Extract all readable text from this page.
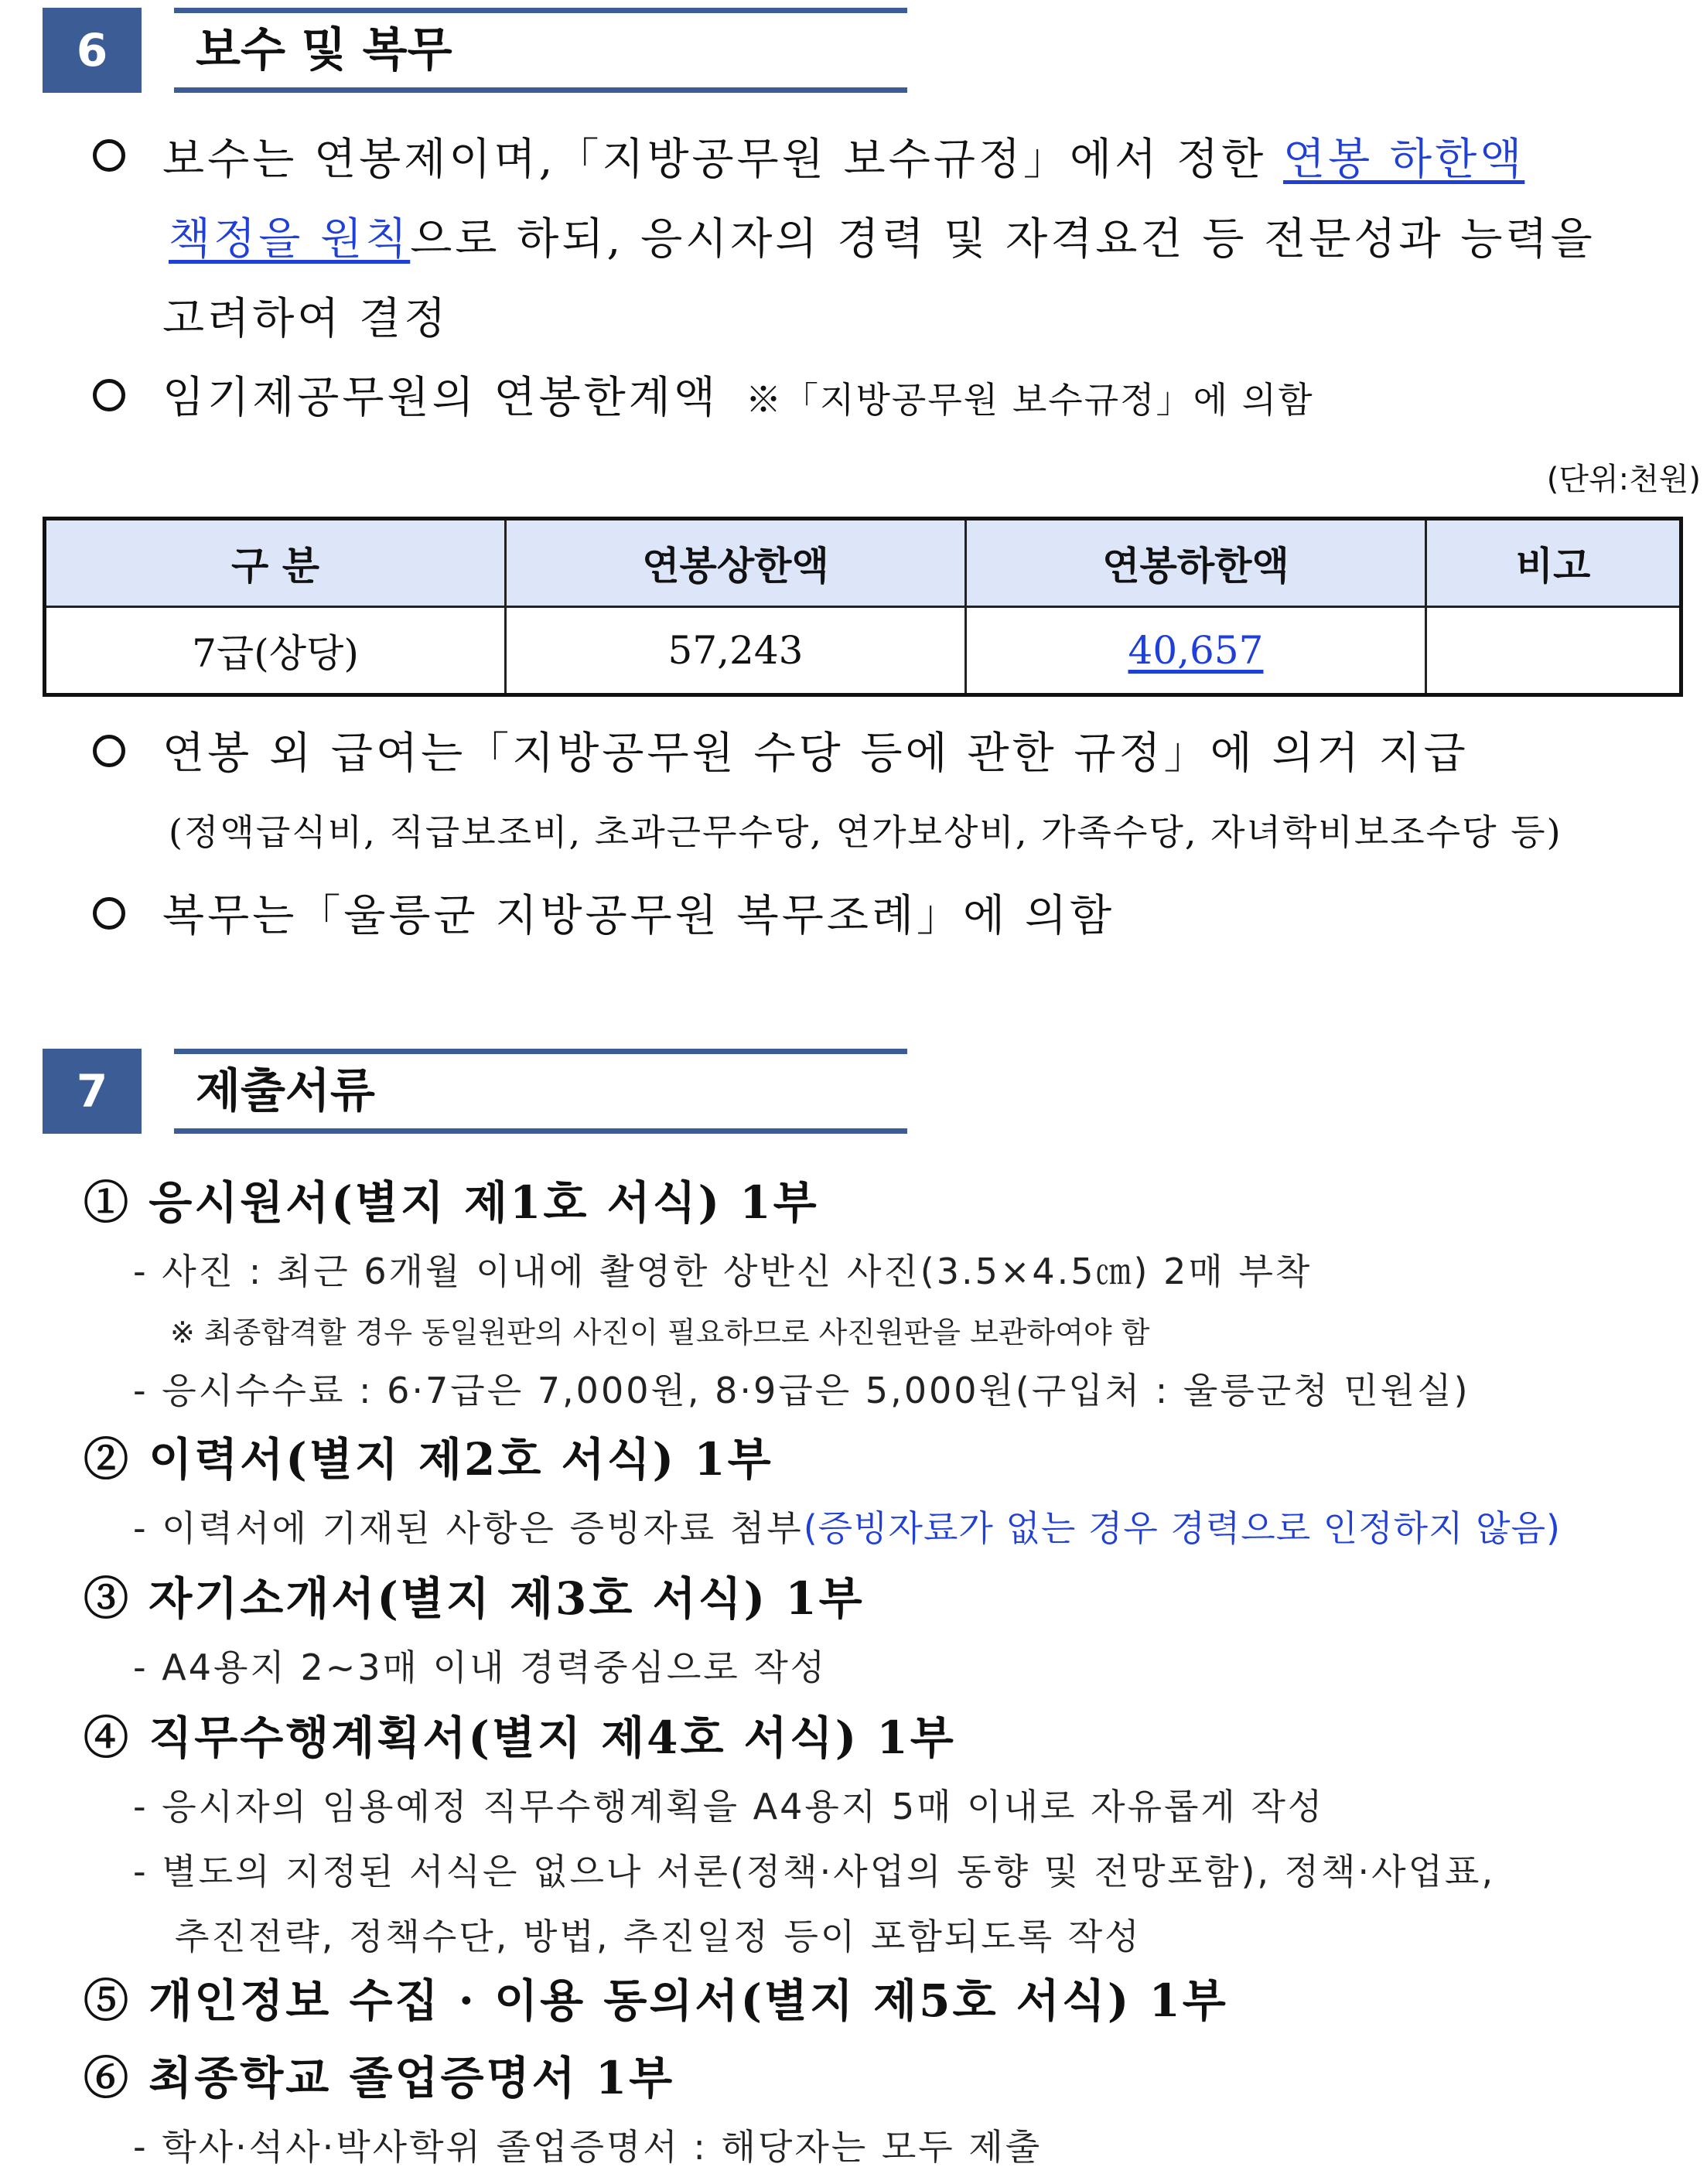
6	보수 및 복무
보수는 연봉제이며,「지방공무원 보수규정」에서 정한 연봉 하한액
책정을 원칙으로 하되, 응시자의 경력 및 자격요건 등 전문성과 능력을
고려하여 결정
임기제공무원의 연봉한계액 ※「지방공무원 보수규정」에 의함
(단위:천원)
구 분	연봉상한액	연봉하한액	비고
7급(상당)	57,243	40,657	
연봉 외 급여는「지방공무원 수당 등에 관한 규정」에 의거 지급
(정액급식비, 직급보조비, 초과근무수당, 연가보상비, 가족수당, 자녀학비보조수당 등)
복무는「울릉군 지방공무원 복무조례」에 의함
7	제출서류
① 응시원서(별지 제1호 서식) 1부
- 사진 : 최근 6개월 이내에 촬영한 상반신 사진(3.5×4.5㎝) 2매 부착
※ 최종합격할 경우 동일원판의 사진이 필요하므로 사진원판을 보관하여야 함
- 응시수수료 : 6·7급은 7,000원, 8·9급은 5,000원(구입처 : 울릉군청 민원실)
② 이력서(별지 제2호 서식) 1부
- 이력서에 기재된 사항은 증빙자료 첨부(증빙자료가 없는 경우 경력으로 인정하지 않음)
③ 자기소개서(별지 제3호 서식) 1부
- A4용지 2~3매 이내 경력중심으로 작성
④ 직무수행계획서(별지 제4호 서식) 1부
- 응시자의 임용예정 직무수행계획을 A4용지 5매 이내로 자유롭게 작성
- 별도의 지정된 서식은 없으나 서론(정책·사업의 동향 및 전망포함), 정책·사업표,
추진전략, 정책수단, 방법, 추진일정 등이 포함되도록 작성
⑤ 개인정보 수집 · 이용 동의서(별지 제5호 서식) 1부
⑥ 최종학교 졸업증명서 1부
- 학사·석사·박사학위 졸업증명서 : 해당자는 모두 제출
